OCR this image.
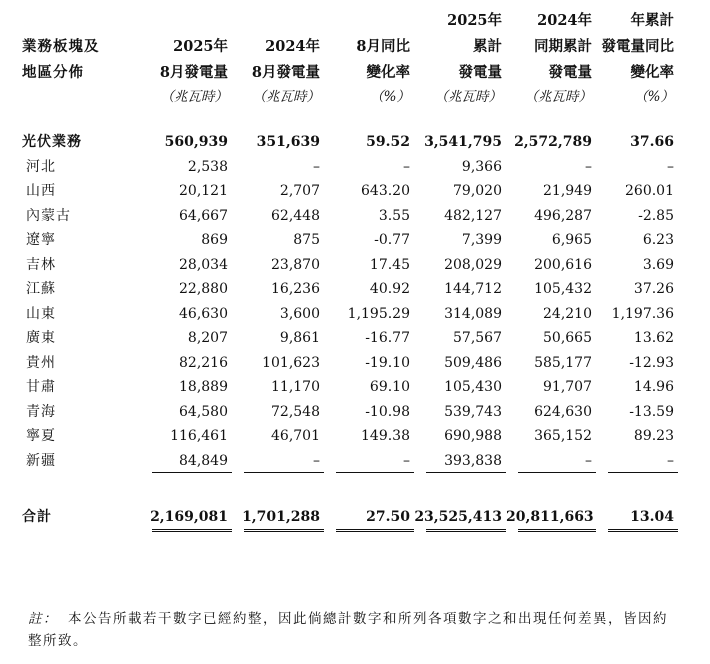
				2025年	2024年	年累計
業務板塊及	2025年	2024年	8月同比	累計	同期累計	發電量同比
地區分佈	8月發電量	8月發電量	變化率	發電量	發電量	變化率
	（兆瓦時）	（兆瓦時）	（%）	（兆瓦時）	（兆瓦時）	（%）

光伏業務	560,939	351,639	59.52	3,541,795	2,572,789	37.66
河北	2,538	–	–	9,366	–	–
山西	20,121	2,707	643.20	79,020	21,949	260.01
內蒙古	64,667	62,448	3.55	482,127	496,287	-2.85
遼寧	869	875	-0.77	7,399	6,965	6.23
吉林	28,034	23,870	17.45	208,029	200,616	3.69
江蘇	22,880	16,236	40.92	144,712	105,432	37.26
山東	46,630	3,600	1,195.29	314,089	24,210	1,197.36
廣東	8,207	9,861	-16.77	57,567	50,665	13.62
貴州	82,216	101,623	-19.10	509,486	585,177	-12.93
甘肅	18,889	11,170	69.10	105,430	91,707	14.96
青海	64,580	72,548	-10.98	539,743	624,630	-13.59
寧夏	116,461	46,701	149.38	690,988	365,152	89.23
新疆	84,849	–	–	393,838	–	–

合計	2,169,081	1,701,288	27.50	23,525,413	20,811,663	13.04
註： 本公告所載若干數字已經約整，因此倘總計數字和所列各項數字之和出現任何差異，皆因約整所致。
